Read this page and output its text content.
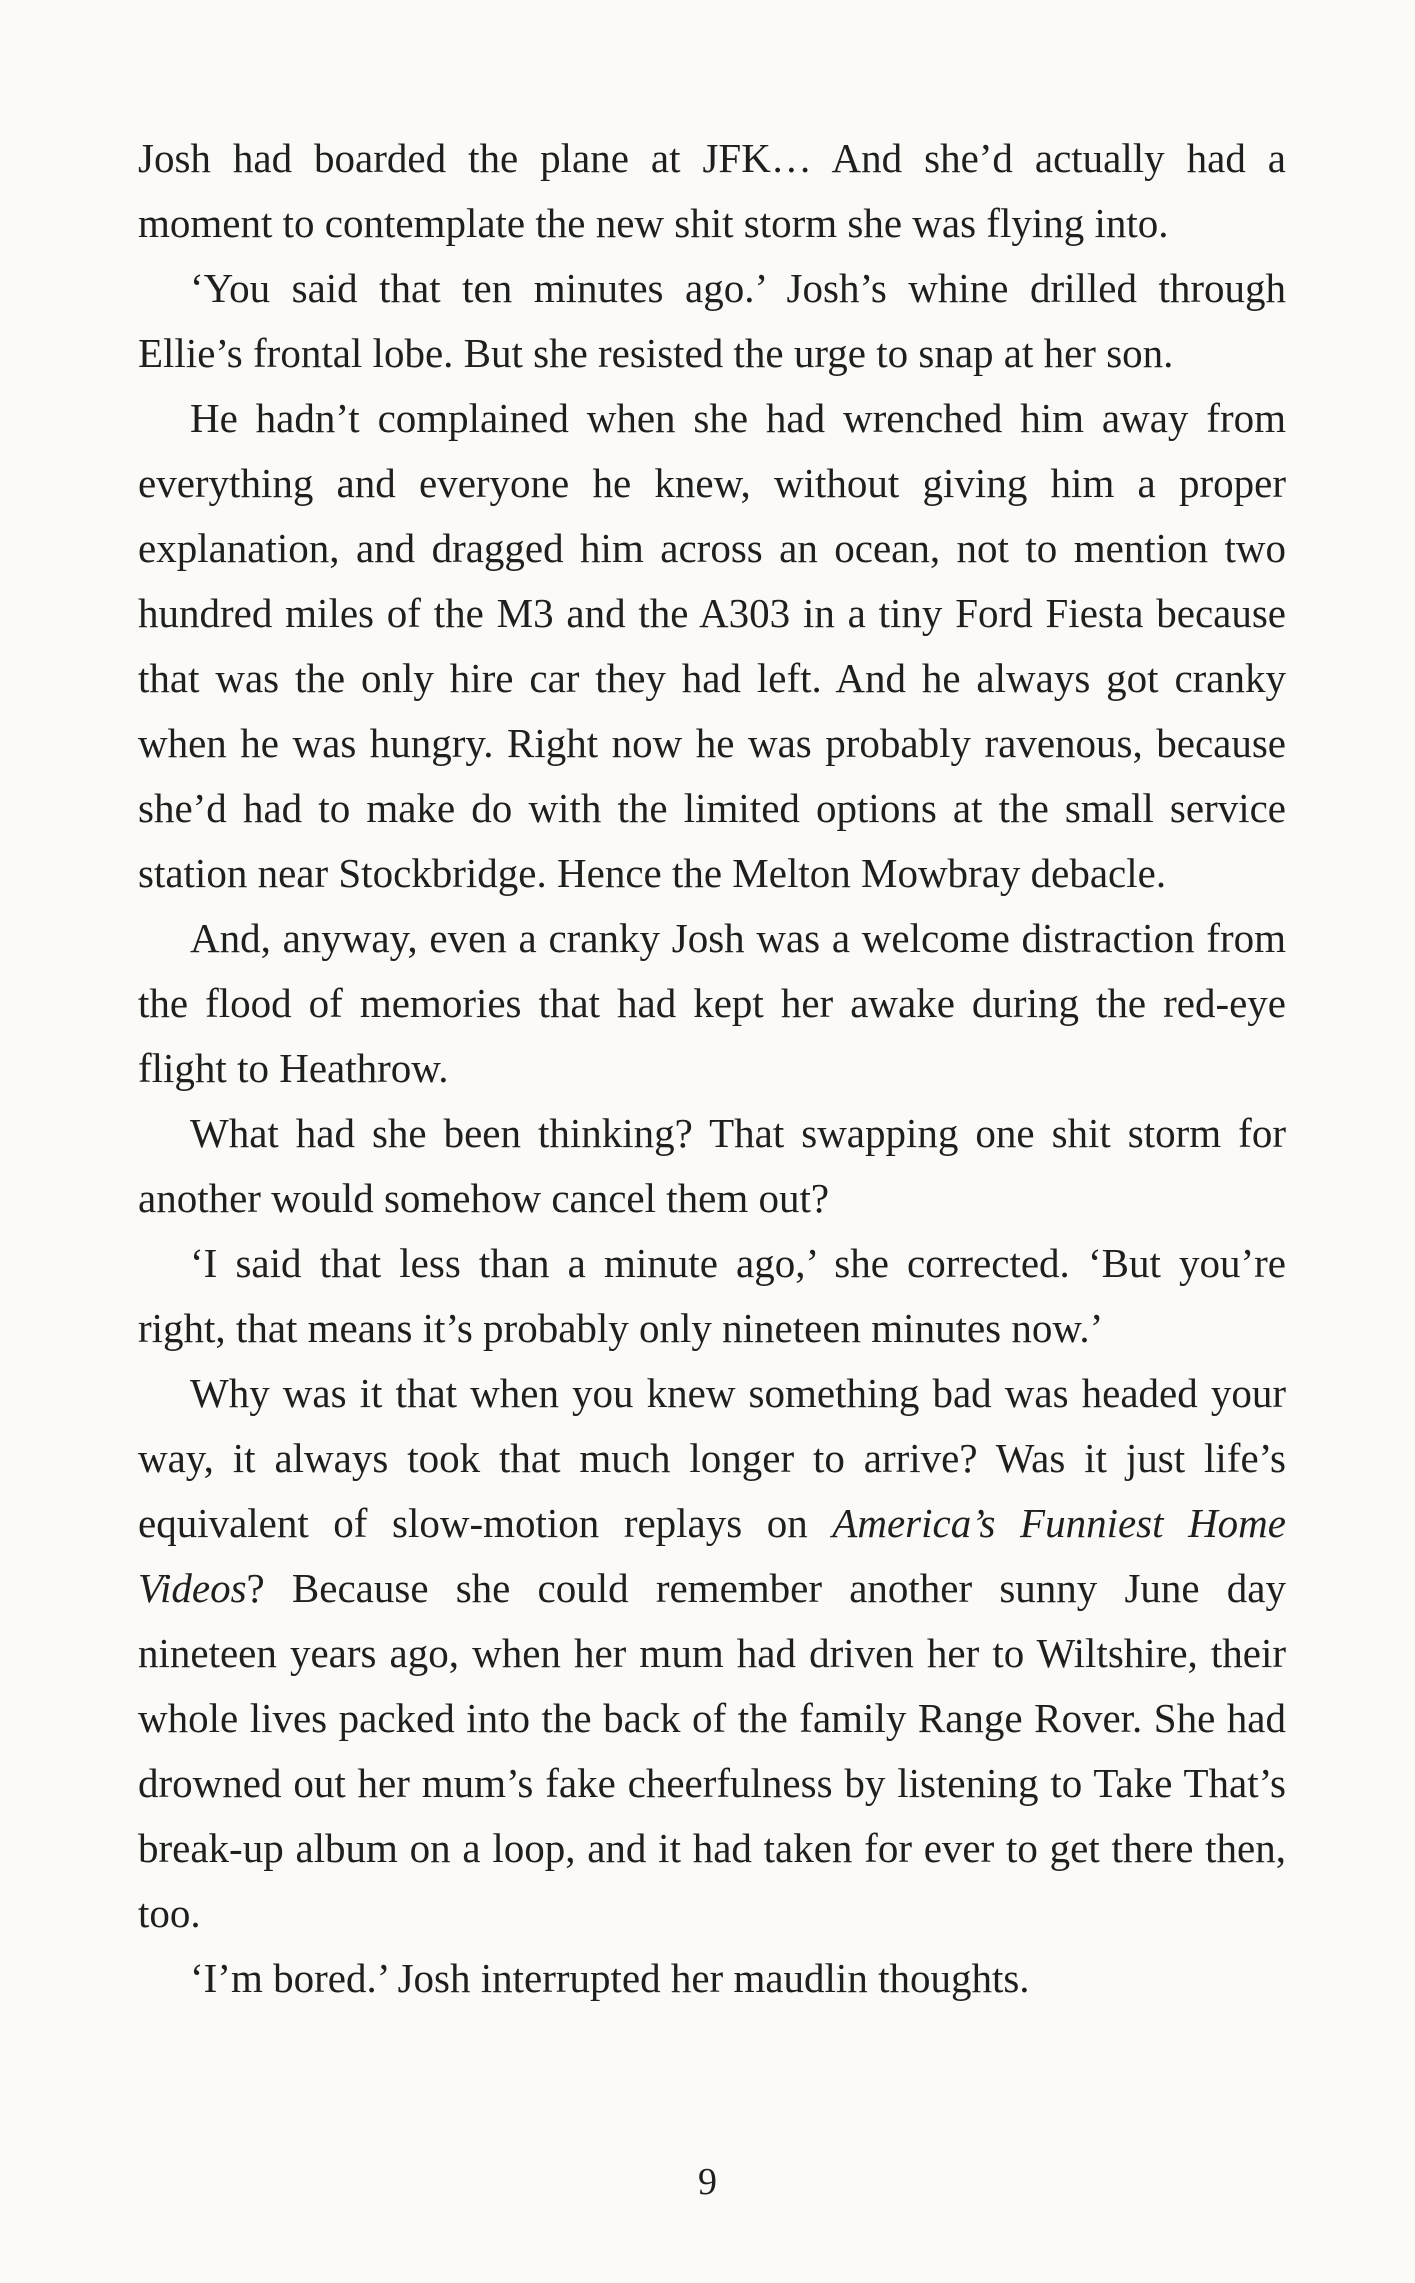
Josh had boarded the plane at JFK… And she’d actually had a moment to contemplate the new shit storm she was flying into.

‘You said that ten minutes ago.’ Josh’s whine drilled through Ellie’s frontal lobe. But she resisted the urge to snap at her son.

He hadn’t complained when she had wrenched him away from everything and everyone he knew, without giving him a proper explanation, and dragged him across an ocean, not to mention two hundred miles of the M3 and the A303 in a tiny Ford Fiesta because that was the only hire car they had left. And he always got cranky when he was hungry. Right now he was probably ravenous, because she’d had to make do with the limited options at the small service station near Stockbridge. Hence the Melton Mowbray debacle.

And, anyway, even a cranky Josh was a welcome distraction from the flood of memories that had kept her awake during the red-eye flight to Heathrow.

What had she been thinking? That swapping one shit storm for another would somehow cancel them out?

‘I said that less than a minute ago,’ she corrected. ‘But you’re right, that means it’s probably only nineteen minutes now.’

Why was it that when you knew something bad was headed your way, it always took that much longer to arrive? Was it just life’s equivalent of slow-motion replays on America’s Funniest Home Videos? Because she could remember another sunny June day nineteen years ago, when her mum had driven her to Wiltshire, their whole lives packed into the back of the family Range Rover. She had drowned out her mum’s fake cheerfulness by listening to Take That’s break-up album on a loop, and it had taken for ever to get there then, too.

‘I’m bored.’ Josh interrupted her maudlin thoughts.

9
